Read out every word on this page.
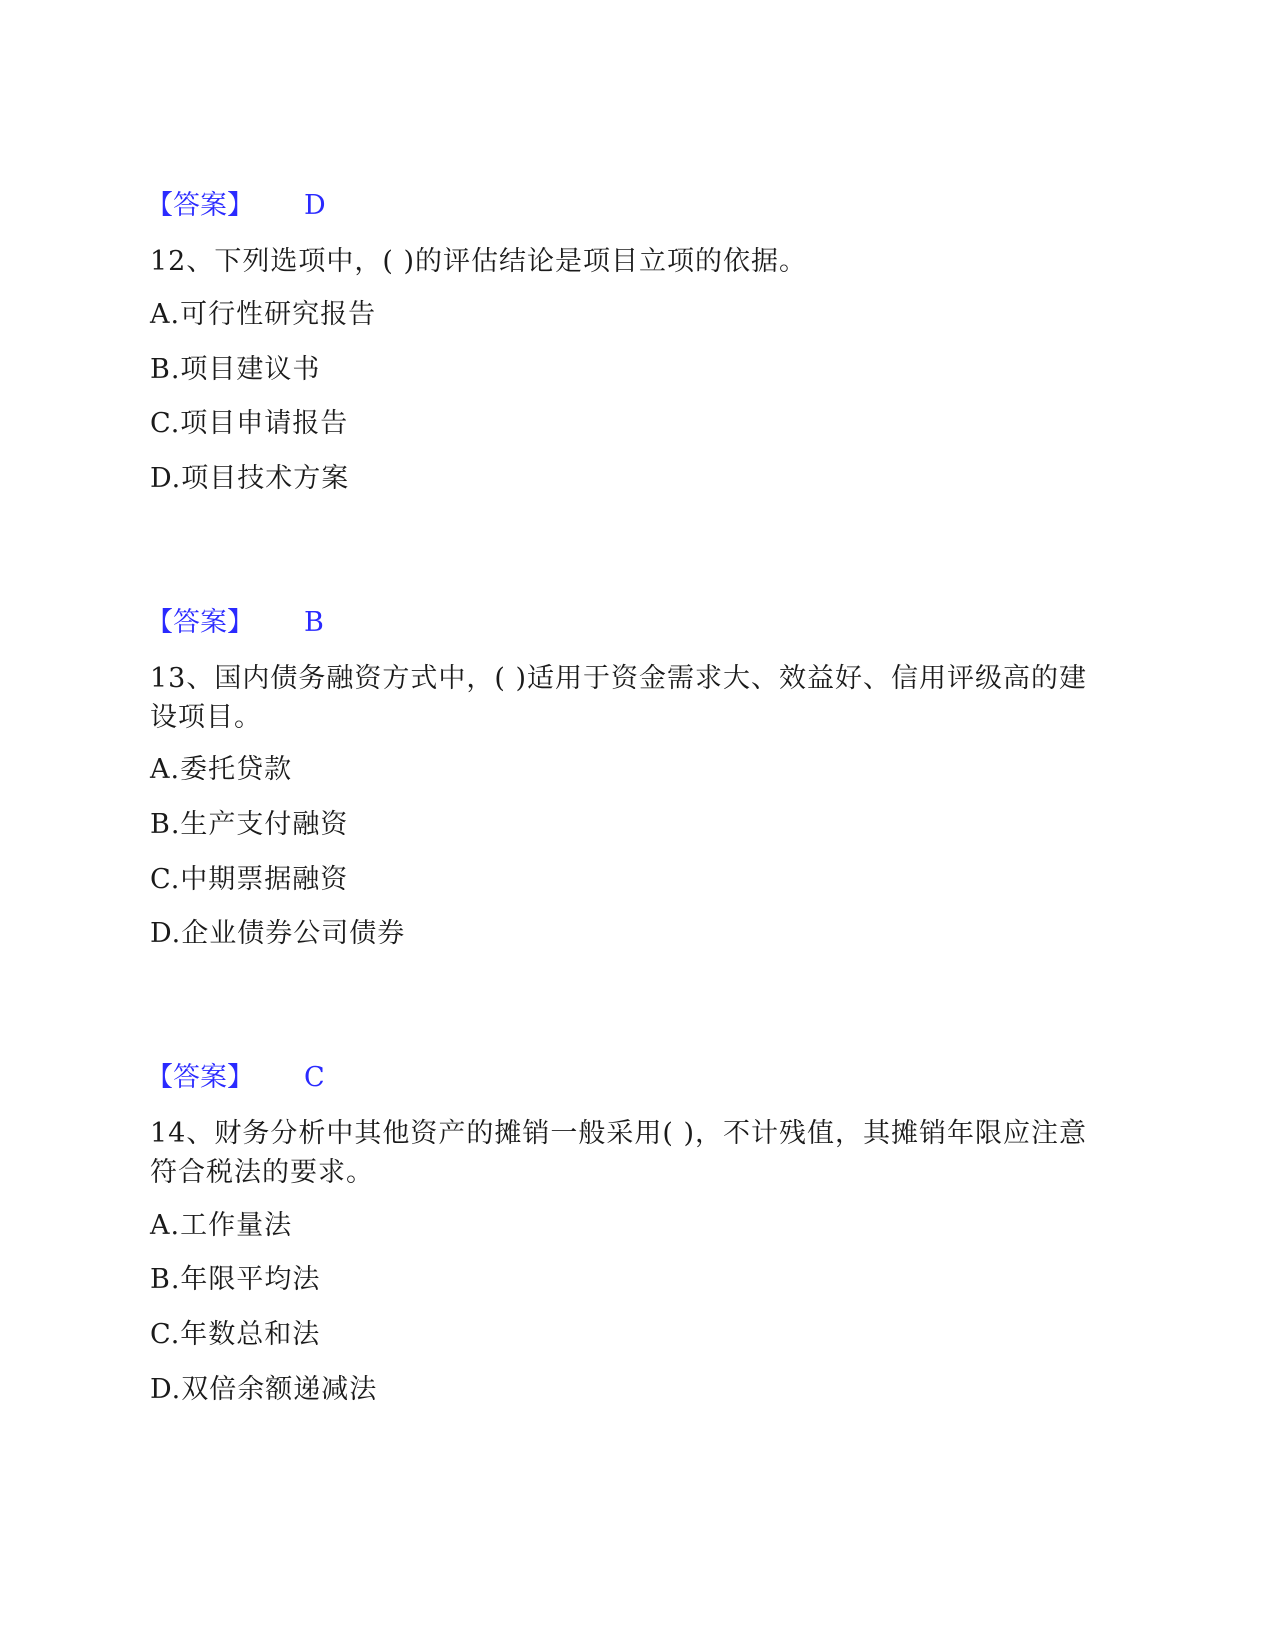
【答案】 D
12、下列选项中，( )的评估结论是项目立项的依据。
A.可行性研究报告
B.项目建议书
C.项目申请报告
D.项目技术方案
【答案】 B
13、国内债务融资方式中，( )适用于资金需求大、效益好、信用评级高的建设项目。
A.委托贷款
B.生产支付融资
C.中期票据融资
D.企业债券公司债券
【答案】 C
14、财务分析中其他资产的摊销一般采用( )，不计残值，其摊销年限应注意符合税法的要求。
A.工作量法
B.年限平均法
C.年数总和法
D.双倍余额递减法
